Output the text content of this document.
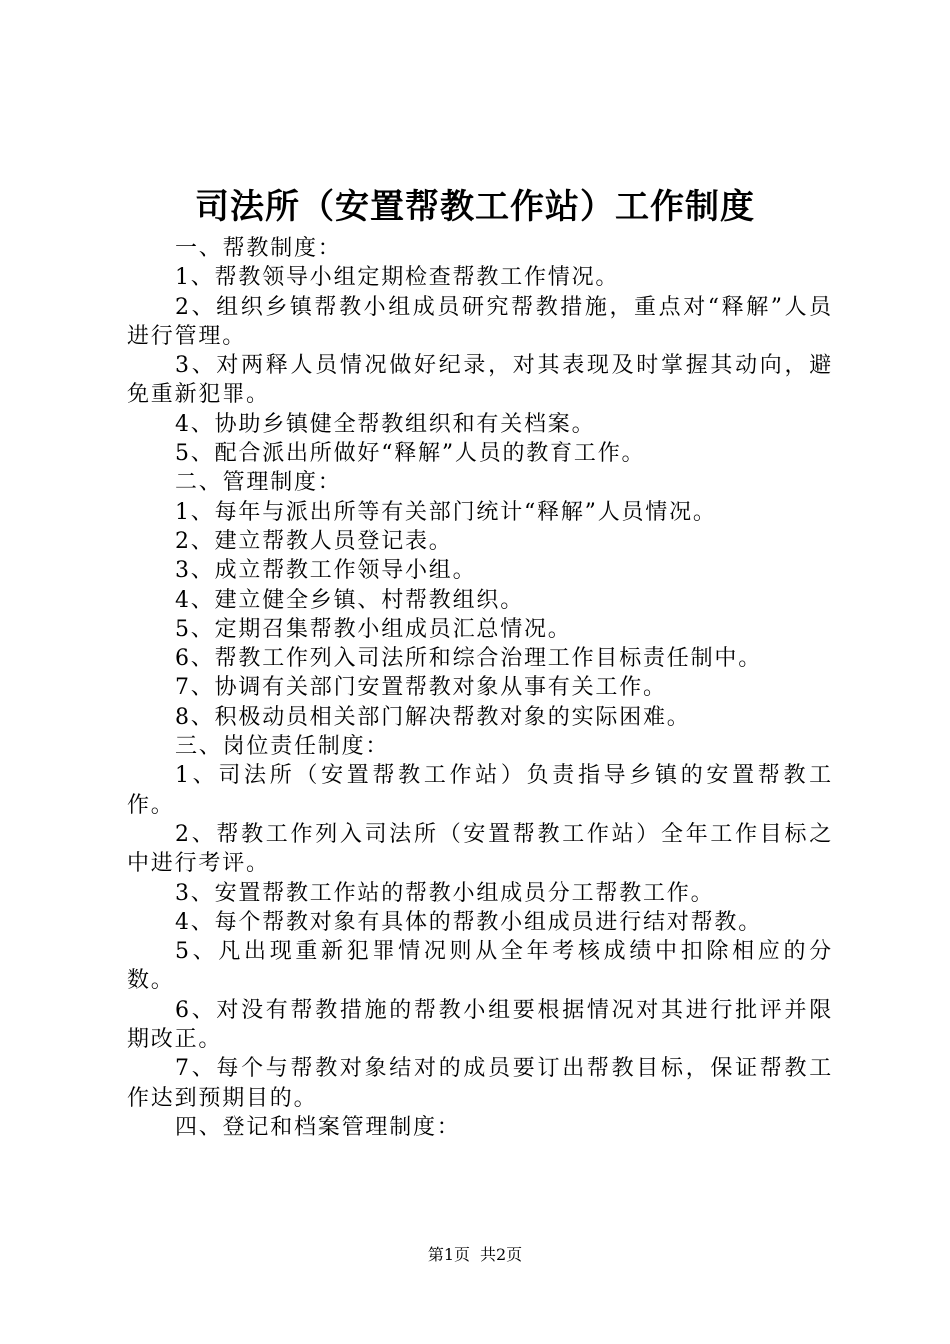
司法所（安置帮教工作站）工作制度

一、帮教制度：

1、帮教领导小组定期检查帮教工作情况。

2、组织乡镇帮教小组成员研究帮教措施，重点对“释解”人员进行管理。

3、对两释人员情况做好纪录，对其表现及时掌握其动向，避免重新犯罪。

4、协助乡镇健全帮教组织和有关档案。

5、配合派出所做好“释解”人员的教育工作。

二、管理制度：

1、每年与派出所等有关部门统计“释解”人员情况。

2、建立帮教人员登记表。

3、成立帮教工作领导小组。

4、建立健全乡镇、村帮教组织。

5、定期召集帮教小组成员汇总情况。

6、帮教工作列入司法所和综合治理工作目标责任制中。

7、协调有关部门安置帮教对象从事有关工作。

8、积极动员相关部门解决帮教对象的实际困难。

三、岗位责任制度：

1、司法所（安置帮教工作站）负责指导乡镇的安置帮教工作。

2、帮教工作列入司法所（安置帮教工作站）全年工作目标之中进行考评。

3、安置帮教工作站的帮教小组成员分工帮教工作。

4、每个帮教对象有具体的帮教小组成员进行结对帮教。

5、凡出现重新犯罪情况则从全年考核成绩中扣除相应的分数。

6、对没有帮教措施的帮教小组要根据情况对其进行批评并限期改正。

7、每个与帮教对象结对的成员要订出帮教目标，保证帮教工作达到预期目的。

四、登记和档案管理制度：

第1页 共2页
